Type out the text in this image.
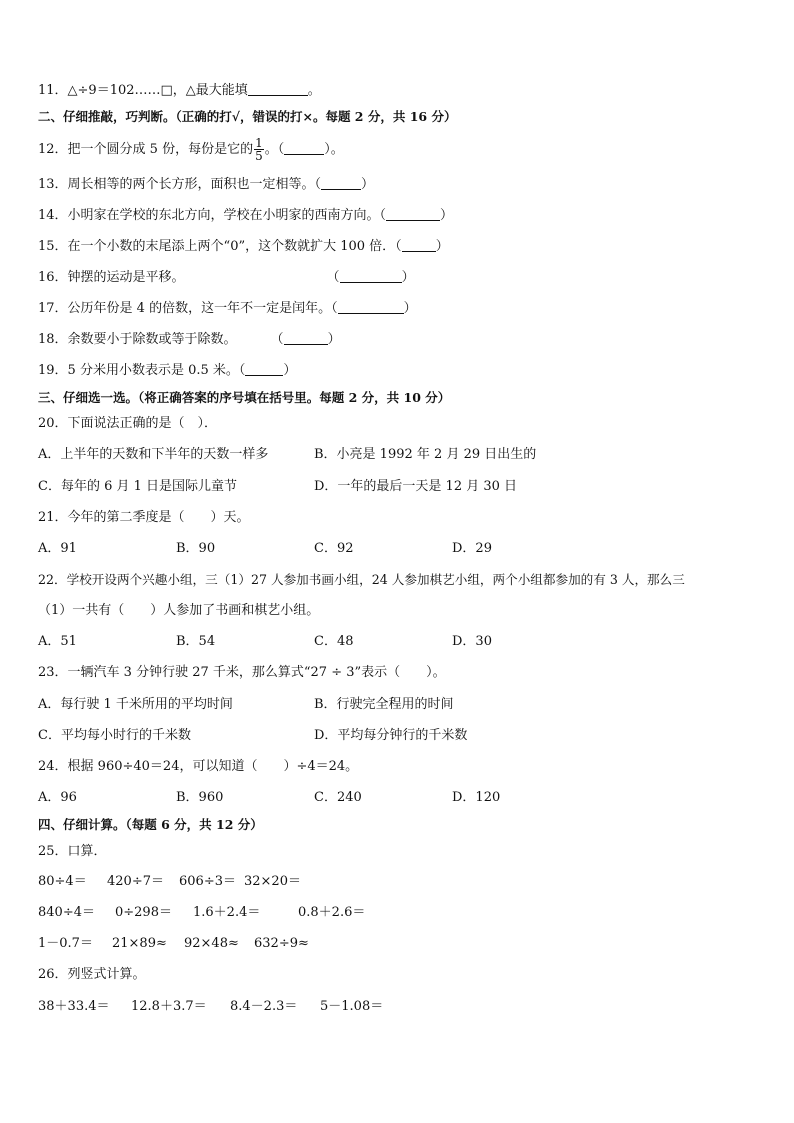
11．△÷9＝102……□，△最大能填	。
二、仔细推敲，巧判断。（正确的打√，错误的打×。每题 2 分，共 16 分）
12．把一个圆分成 5 份，每份是它的 $\frac{1}{5}$ 。（	）。
13．周长相等的两个长方形，面积也一定相等。（	）
14．小明家在学校的东北方向，学校在小明家的西南方向。（	）
15．在一个小数的末尾添上两个“0”，这个数就扩大 100 倍．（	）
16．钟摆的运动是平移。	（	）
17．公历年份是 4 的倍数，这一年不一定是闰年。（	）
18．余数要小于除数或等于除数。	（	）
19．5 分米用小数表示是 0.5 米。（	）
三、仔细选一选。（将正确答案的序号填在括号里。每题 2 分，共 10 分）
20．下面说法正确的是（　）．
A．上半年的天数和下半年的天数一样多	B．小亮是 1992 年 2 月 29 日出生的
C．每年的 6 月 1 日是国际儿童节	D．一年的最后一天是 12 月 30 日
21．今年的第二季度是（　　）天。
A．91	B．90	C．92	D．29
22．学校开设两个兴趣小组，三（1）27 人参加书画小组，24 人参加棋艺小组，两个小组都参加的有 3 人，那么三
（1）一共有（　　）人参加了书画和棋艺小组。
A．51	B．54	C．48	D．30
23．一辆汽车 3 分钟行驶 27 千米，那么算式“27 ÷ 3”表示（　　）。
A．每行驶 1 千米所用的平均时间	B．行驶完全程用的时间
C．平均每小时行的千米数	D．平均每分钟行的千米数
24．根据 960÷40＝24，可以知道（　　）÷4＝24。
A．96	B．960	C．240	D．120
四、仔细计算。（每题 6 分，共 12 分）
25．口算．
80÷4＝ 420÷7＝ 606÷3＝ 32×20＝
840÷4＝ 0÷298＝ 1.6＋2.4＝	0.8＋2.6＝
1－0.7＝ 21×89≈ 92×48≈ 632÷9≈
26．列竖式计算。
38＋33.4＝ 12.8＋3.7＝ 8.4－2.3＝ 5－1.08＝
